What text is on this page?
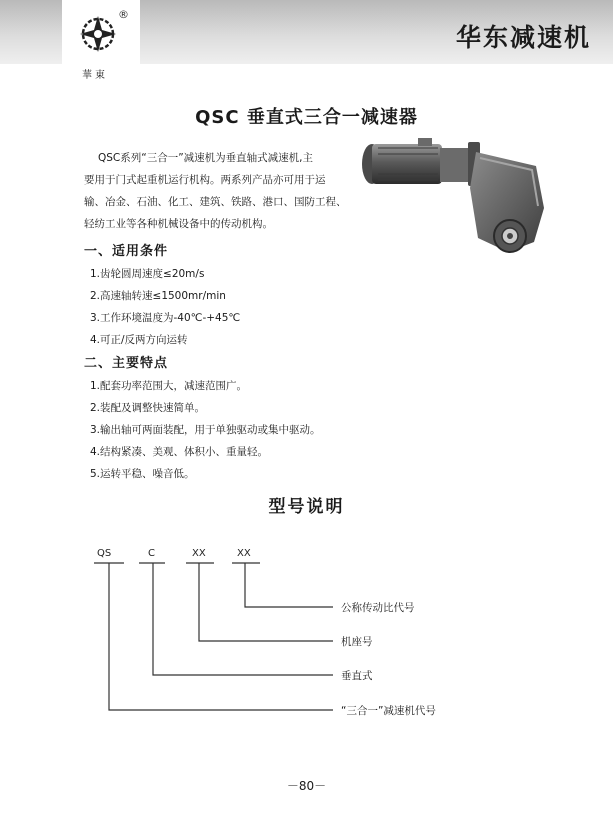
®
華東
华东减速机
QSC 垂直式三合一减速器

QSC系列“三合一”减速机为垂直轴式减速机,主

要用于门式起重机运行机构。两系列产品亦可用于运

输、冶金、石油、化工、建筑、铁路、港口、国防工程、

轻纺工业等各种机械设备中的传动机构。

一、适用条件
1.齿轮圆周速度≤20m/s
2.高速轴转速≤1500mr/min
3.工作环境温度为-40℃-+45℃
4.可正/反两方向运转
二、主要特点
1.配套功率范围大，减速范围广。
2.装配及调整快速简单。
3.输出轴可两面装配，用于单独驱动或集中驱动。
4.结构紧凑、美观、体积小、重量轻。
5.运转平稳、噪音低。
型号说明
QS	C	XX	XX
公称传动比代号
机座号
垂直式
“三合一”减速机代号
－80－
